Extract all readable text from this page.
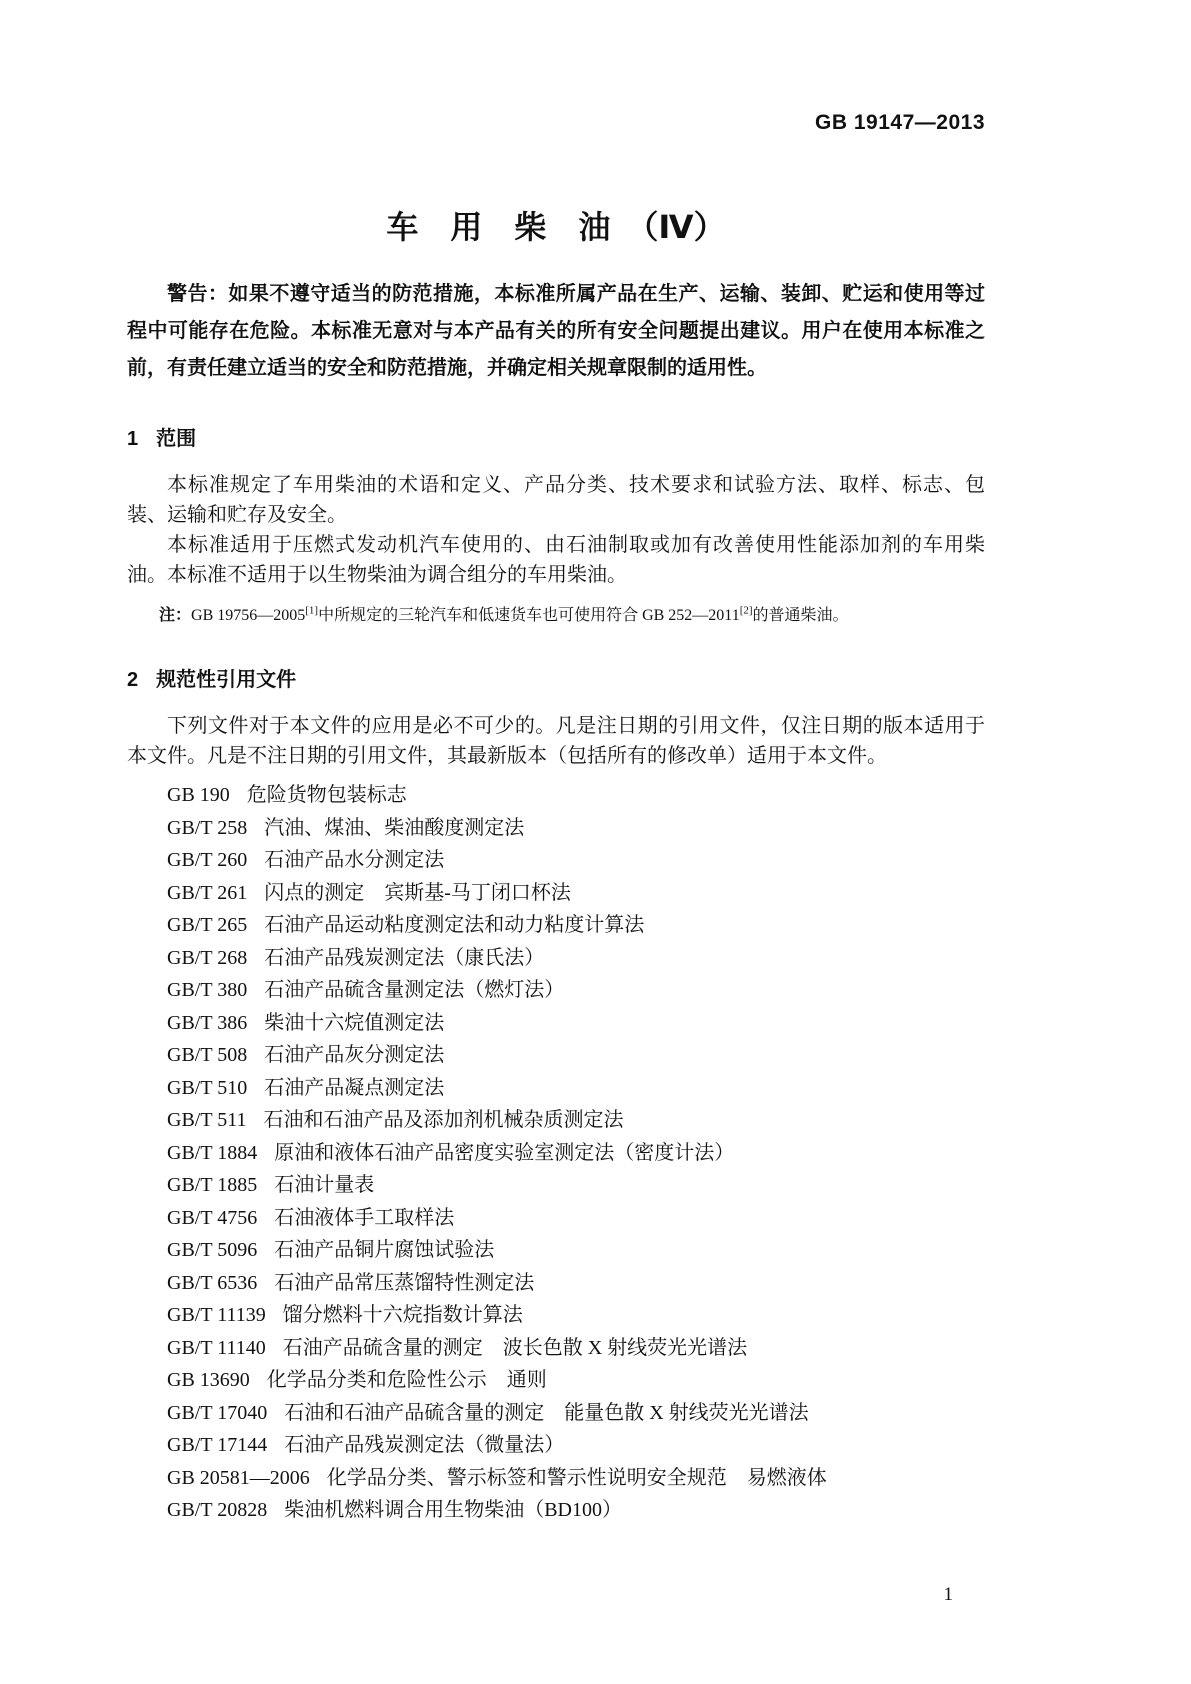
GB 19147—2013
车　用　柴　油　（Ⅳ）

警告：如果不遵守适当的防范措施，本标准所属产品在生产、运输、装卸、贮运和使用等过程中可能存在危险。本标准无意对与本产品有关的所有安全问题提出建议。用户在使用本标准之前，有责任建立适当的安全和防范措施，并确定相关规章限制的适用性。

1 范围

本标准规定了车用柴油的术语和定义、产品分类、技术要求和试验方法、取样、标志、包装、运输和贮存及安全。

本标准适用于压燃式发动机汽车使用的、由石油制取或加有改善使用性能添加剂的车用柴油。本标准不适用于以生物柴油为调合组分的车用柴油。

注：GB 19756—2005[1]中所规定的三轮汽车和低速货车也可使用符合 GB 252—2011[2]的普通柴油。

2 规范性引用文件

下列文件对于本文件的应用是必不可少的。凡是注日期的引用文件，仅注日期的版本适用于本文件。凡是不注日期的引用文件，其最新版本（包括所有的修改单）适用于本文件。

GB 190 危险货物包装标志
GB/T 258 汽油、煤油、柴油酸度测定法
GB/T 260 石油产品水分测定法
GB/T 261 闪点的测定　宾斯基-马丁闭口杯法
GB/T 265 石油产品运动粘度测定法和动力粘度计算法
GB/T 268 石油产品残炭测定法（康氏法）
GB/T 380 石油产品硫含量测定法（燃灯法）
GB/T 386 柴油十六烷值测定法
GB/T 508 石油产品灰分测定法
GB/T 510 石油产品凝点测定法
GB/T 511 石油和石油产品及添加剂机械杂质测定法
GB/T 1884 原油和液体石油产品密度实验室测定法（密度计法）
GB/T 1885 石油计量表
GB/T 4756 石油液体手工取样法
GB/T 5096 石油产品铜片腐蚀试验法
GB/T 6536 石油产品常压蒸馏特性测定法
GB/T 11139 馏分燃料十六烷指数计算法
GB/T 11140 石油产品硫含量的测定　波长色散 X 射线荧光光谱法
GB 13690 化学品分类和危险性公示　通则
GB/T 17040 石油和石油产品硫含量的测定　能量色散 X 射线荧光光谱法
GB/T 17144 石油产品残炭测定法（微量法）
GB 20581—2006 化学品分类、警示标签和警示性说明安全规范　易燃液体
GB/T 20828 柴油机燃料调合用生物柴油（BD100）
1
